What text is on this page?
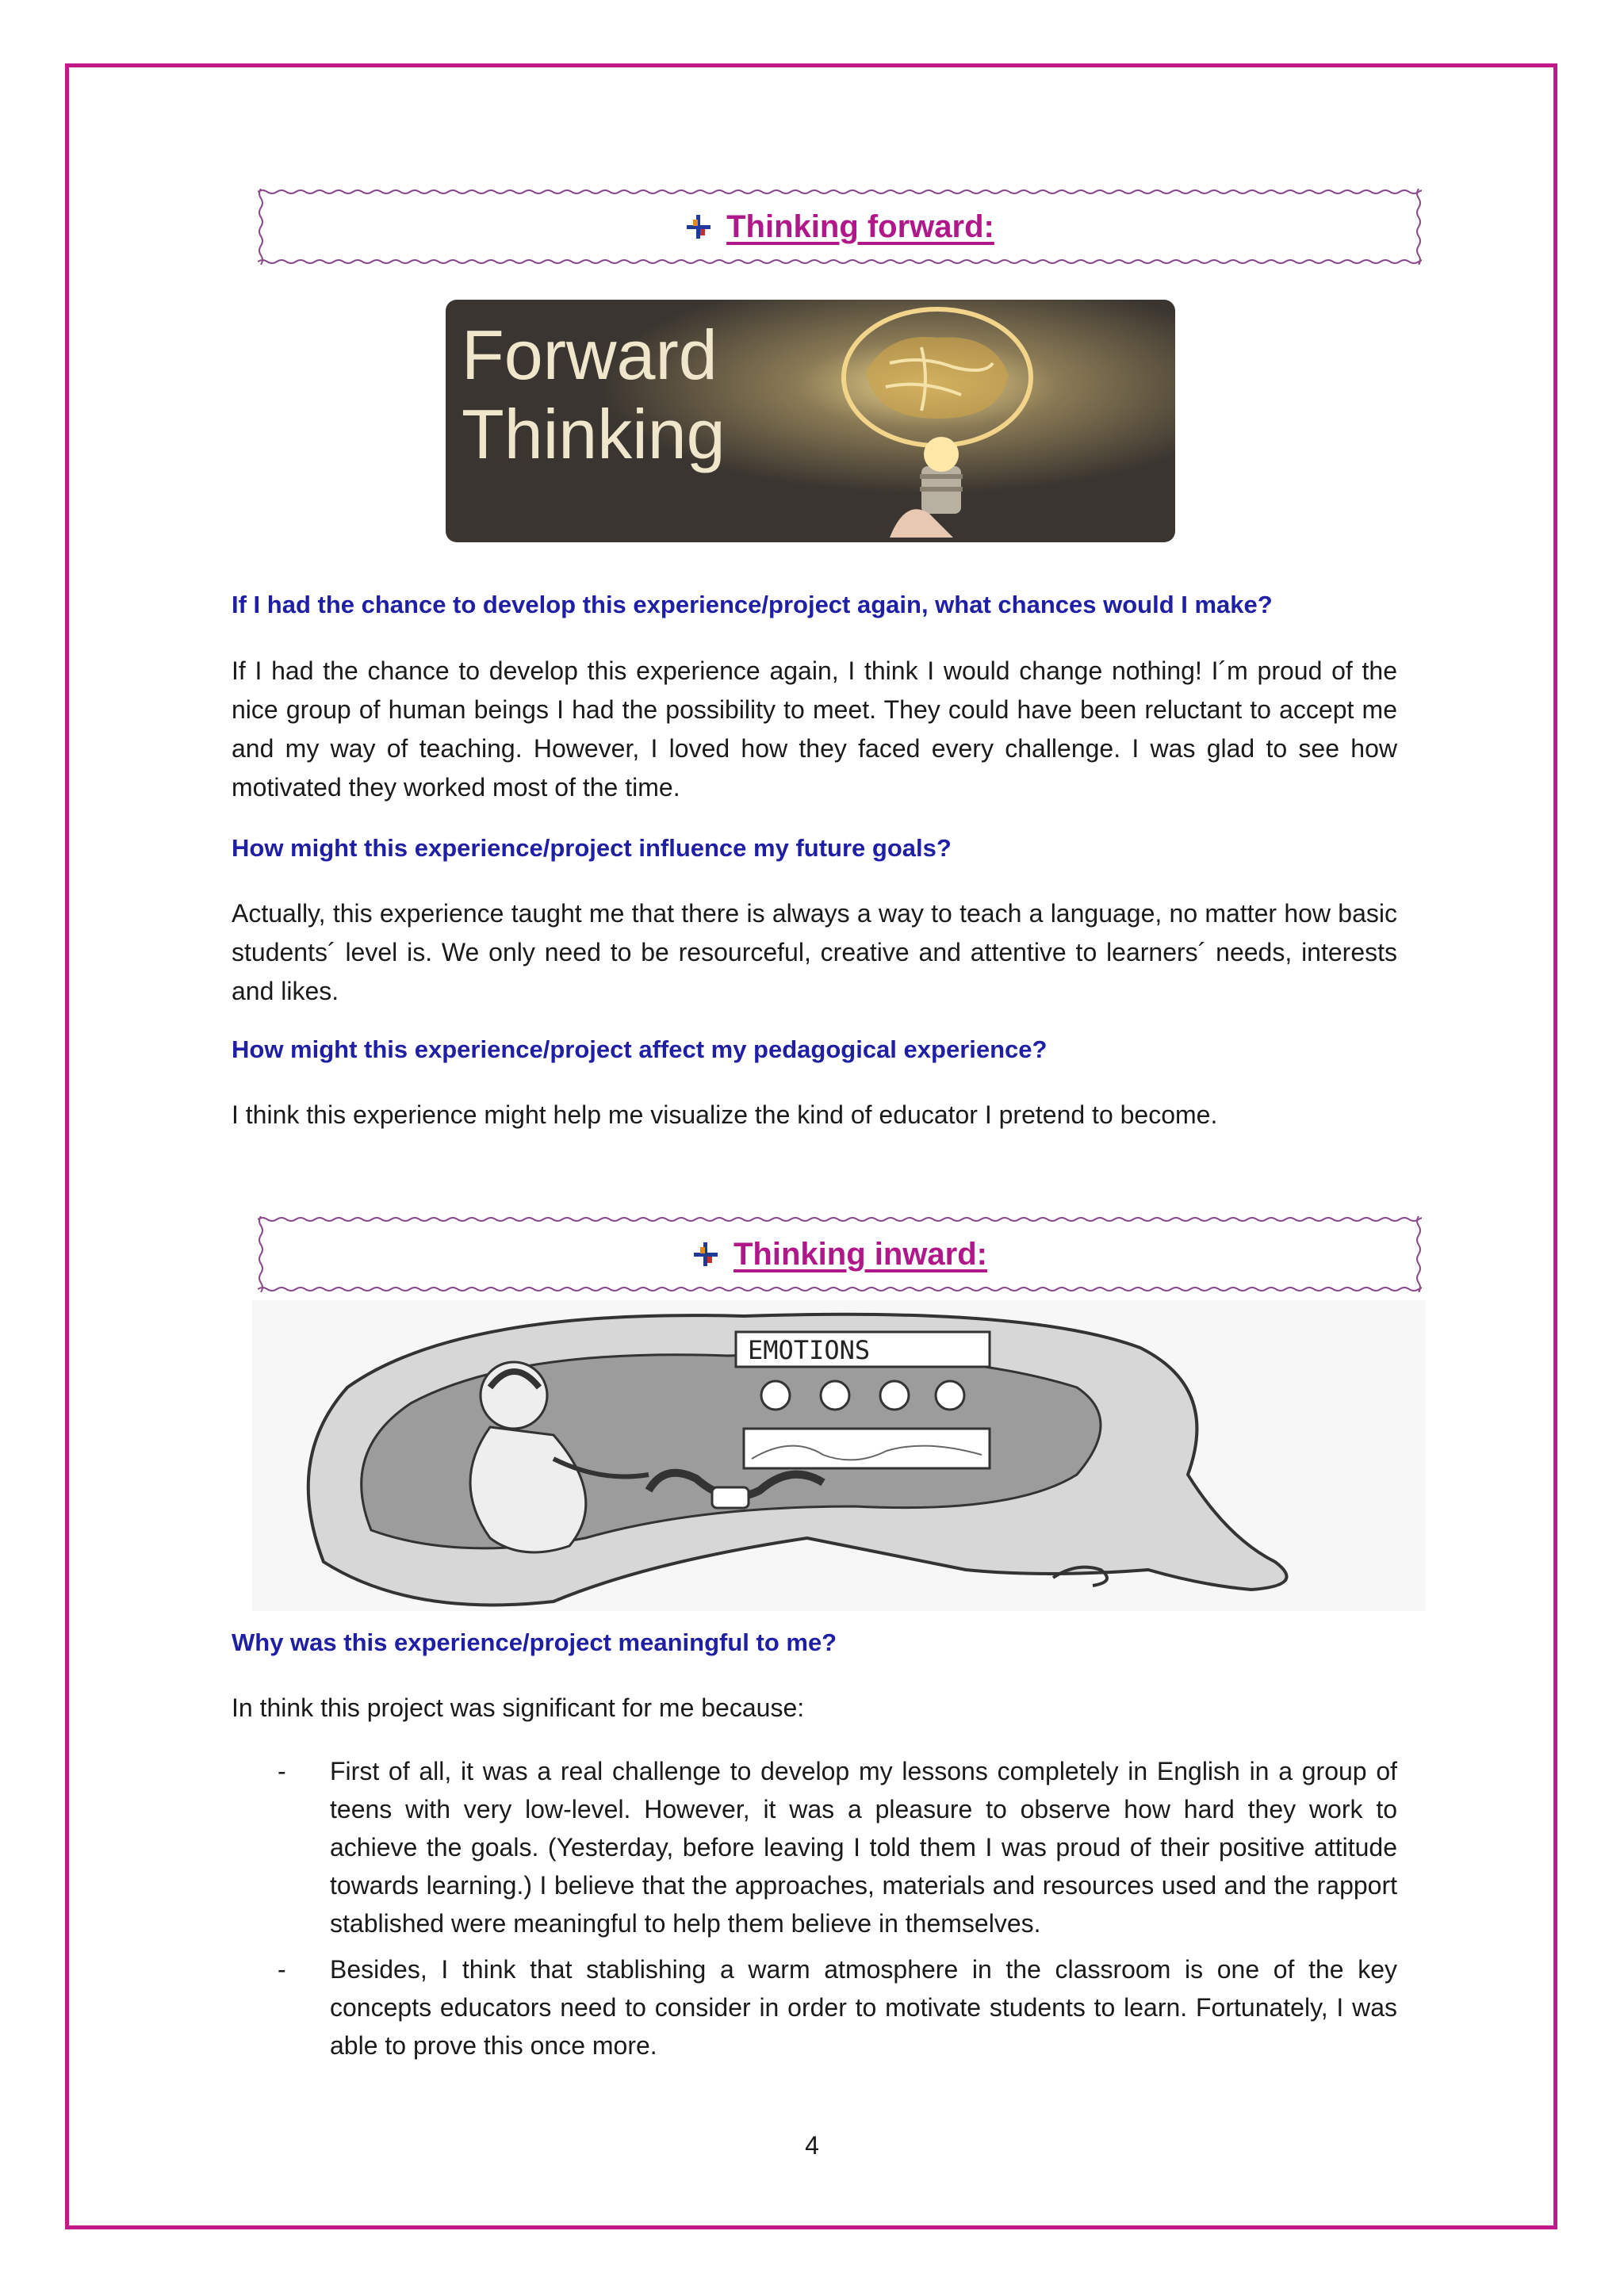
Thinking forward:
Forward
Thinking
If I had the chance to develop this experience/project again, what chances would I make?
If I had the chance to develop this experience again, I think I would change nothing! I´m proud of the nice group of human beings I had the possibility to meet. They could have been reluctant to accept me and my way of teaching. However, I loved how they faced every challenge. I was glad to see how motivated they worked most of the time.
How might this experience/project influence my future goals?
Actually, this experience taught me that there is always a way to teach a language, no matter how basic students´ level is. We only need to be resourceful, creative and attentive to learners´ needs, interests and likes.
How might this experience/project affect my pedagogical experience?
I think this experience might help me visualize the kind of educator I pretend to become.
Thinking inward:
EMOTIONS
Why was this experience/project meaningful to me?
In think this project was significant for me because:
-	First of all, it was a real challenge to develop my lessons completely in English in a group of teens with very low-level. However, it was a pleasure to observe how hard they work to achieve the goals. (Yesterday, before leaving I told them I was proud of their positive attitude towards learning.) I believe that the approaches, materials and resources used and the rapport stablished were meaningful to help them believe in themselves.
-	Besides, I think that stablishing a warm atmosphere in the classroom is one of the key concepts educators need to consider in order to motivate students to learn. Fortunately, I was able to prove this once more.
4
